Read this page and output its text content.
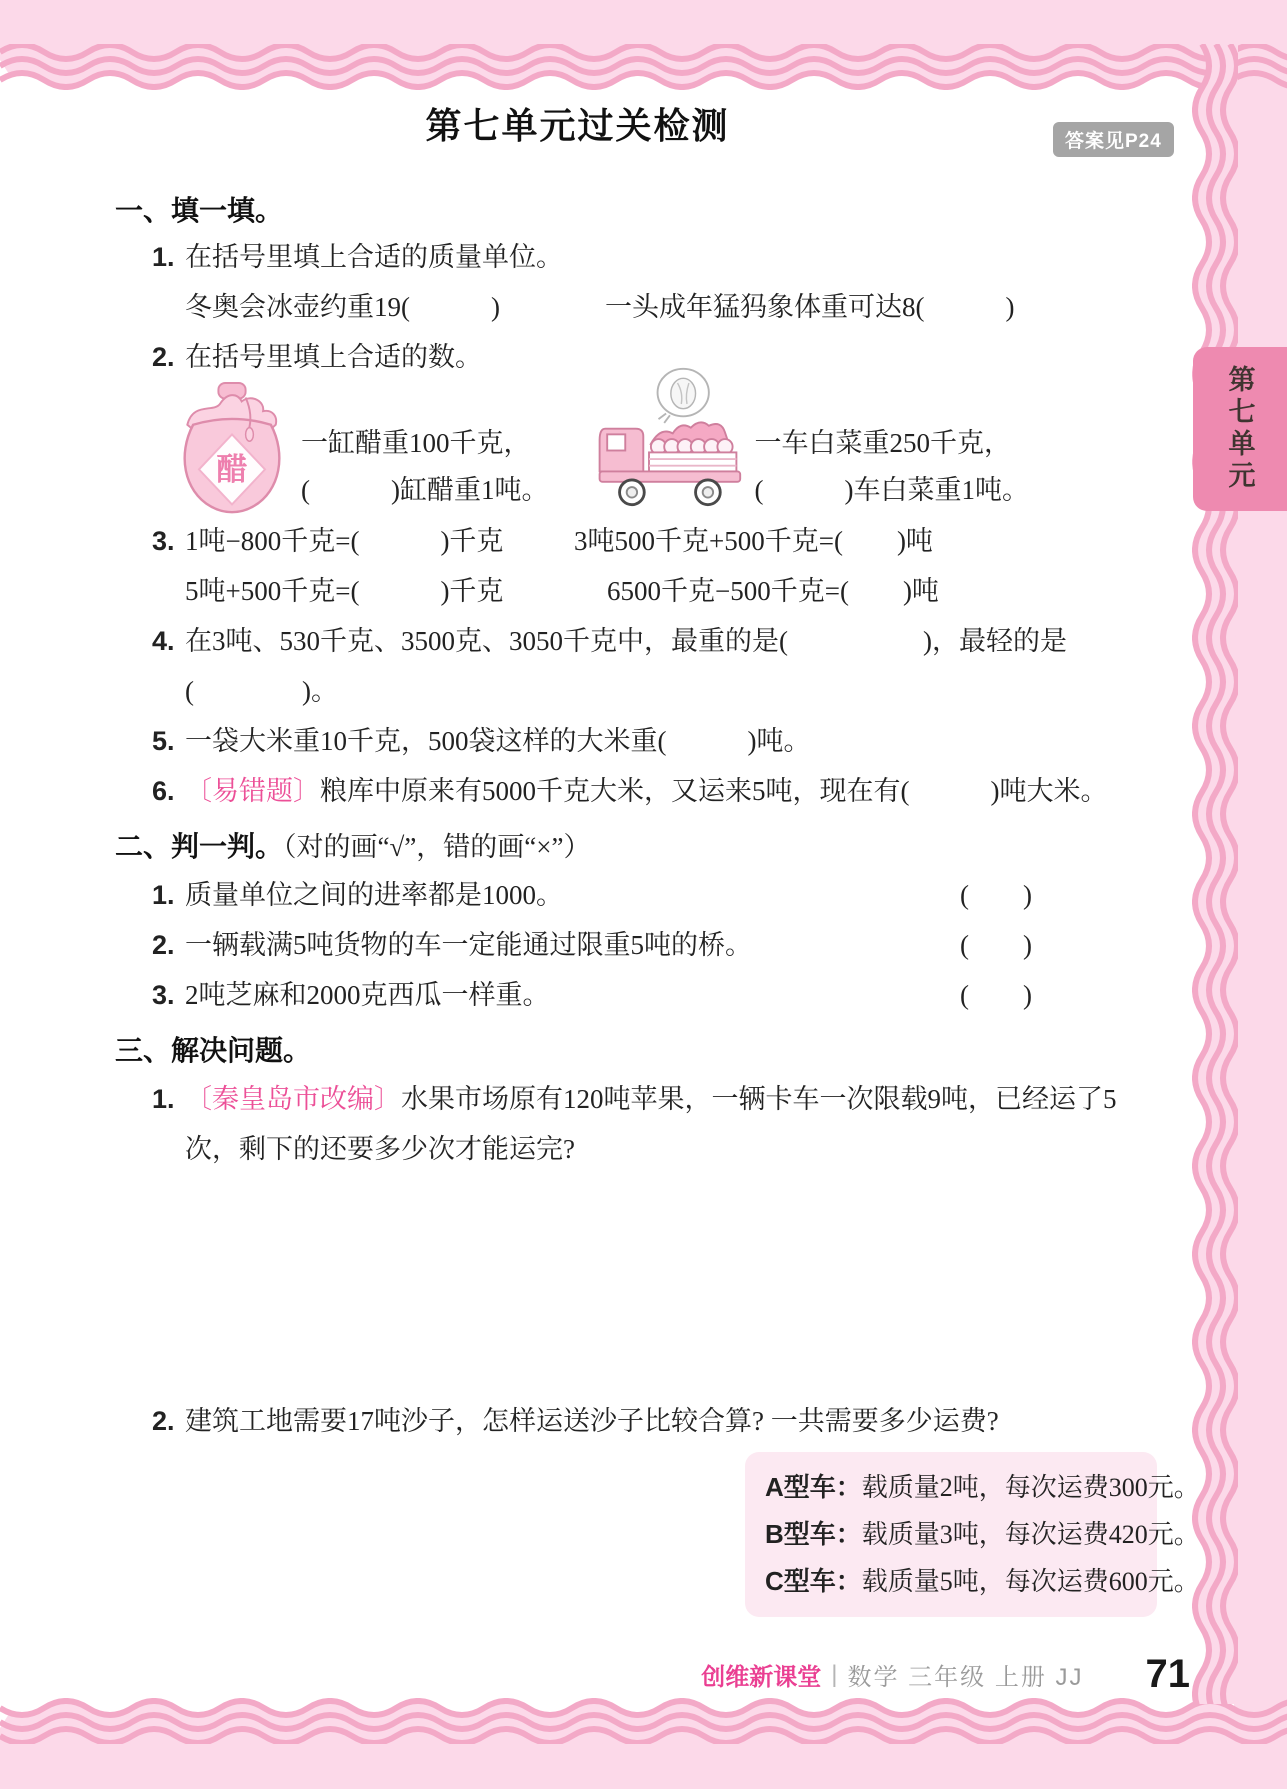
第七单元
第七单元过关检测	答案见P24
一、填一填。
1. 在括号里填上合适的质量单位。
冬奥会冰壶约重19(　　　)	一头成年猛犸象体重可达8(　　　)
2. 在括号里填上合适的数。
醋
一缸醋重100千克，
(　　　)缸醋重1吨。
一车白菜重250千克，
(　　　)车白菜重1吨。
3. 1吨−800千克=(　　　)千克	3吨500千克+500千克=(　　)吨
5吨+500千克=(　　　)千克	6500千克−500千克=(　　)吨
4. 在3吨、530千克、3500克、3050千克中，最重的是(　　　　　)，最轻的是
(　　　　)。
5. 一袋大米重10千克，500袋这样的大米重(　　　)吨。
6. 〔易错题〕粮库中原来有5000千克大米，又运来5吨，现在有(　　　)吨大米。
二、判一判。（对的画“√”，错的画“×”）
1. 质量单位之间的进率都是1000。	(　　)
2. 一辆载满5吨货物的车一定能通过限重5吨的桥。	(　　)
3. 2吨芝麻和2000克西瓜一样重。	(　　)
三、解决问题。
1. 〔秦皇岛市改编〕水果市场原有120吨苹果，一辆卡车一次限载9吨，已经运了5
次，剩下的还要多少次才能运完?
2. 建筑工地需要17吨沙子，怎样运送沙子比较合算? 一共需要多少运费?
A型车：载质量2吨，每次运费300元。
B型车：载质量3吨，每次运费420元。
C型车：载质量5吨，每次运费600元。
创维新课堂 | 数学 三年级 上册 JJ 71
